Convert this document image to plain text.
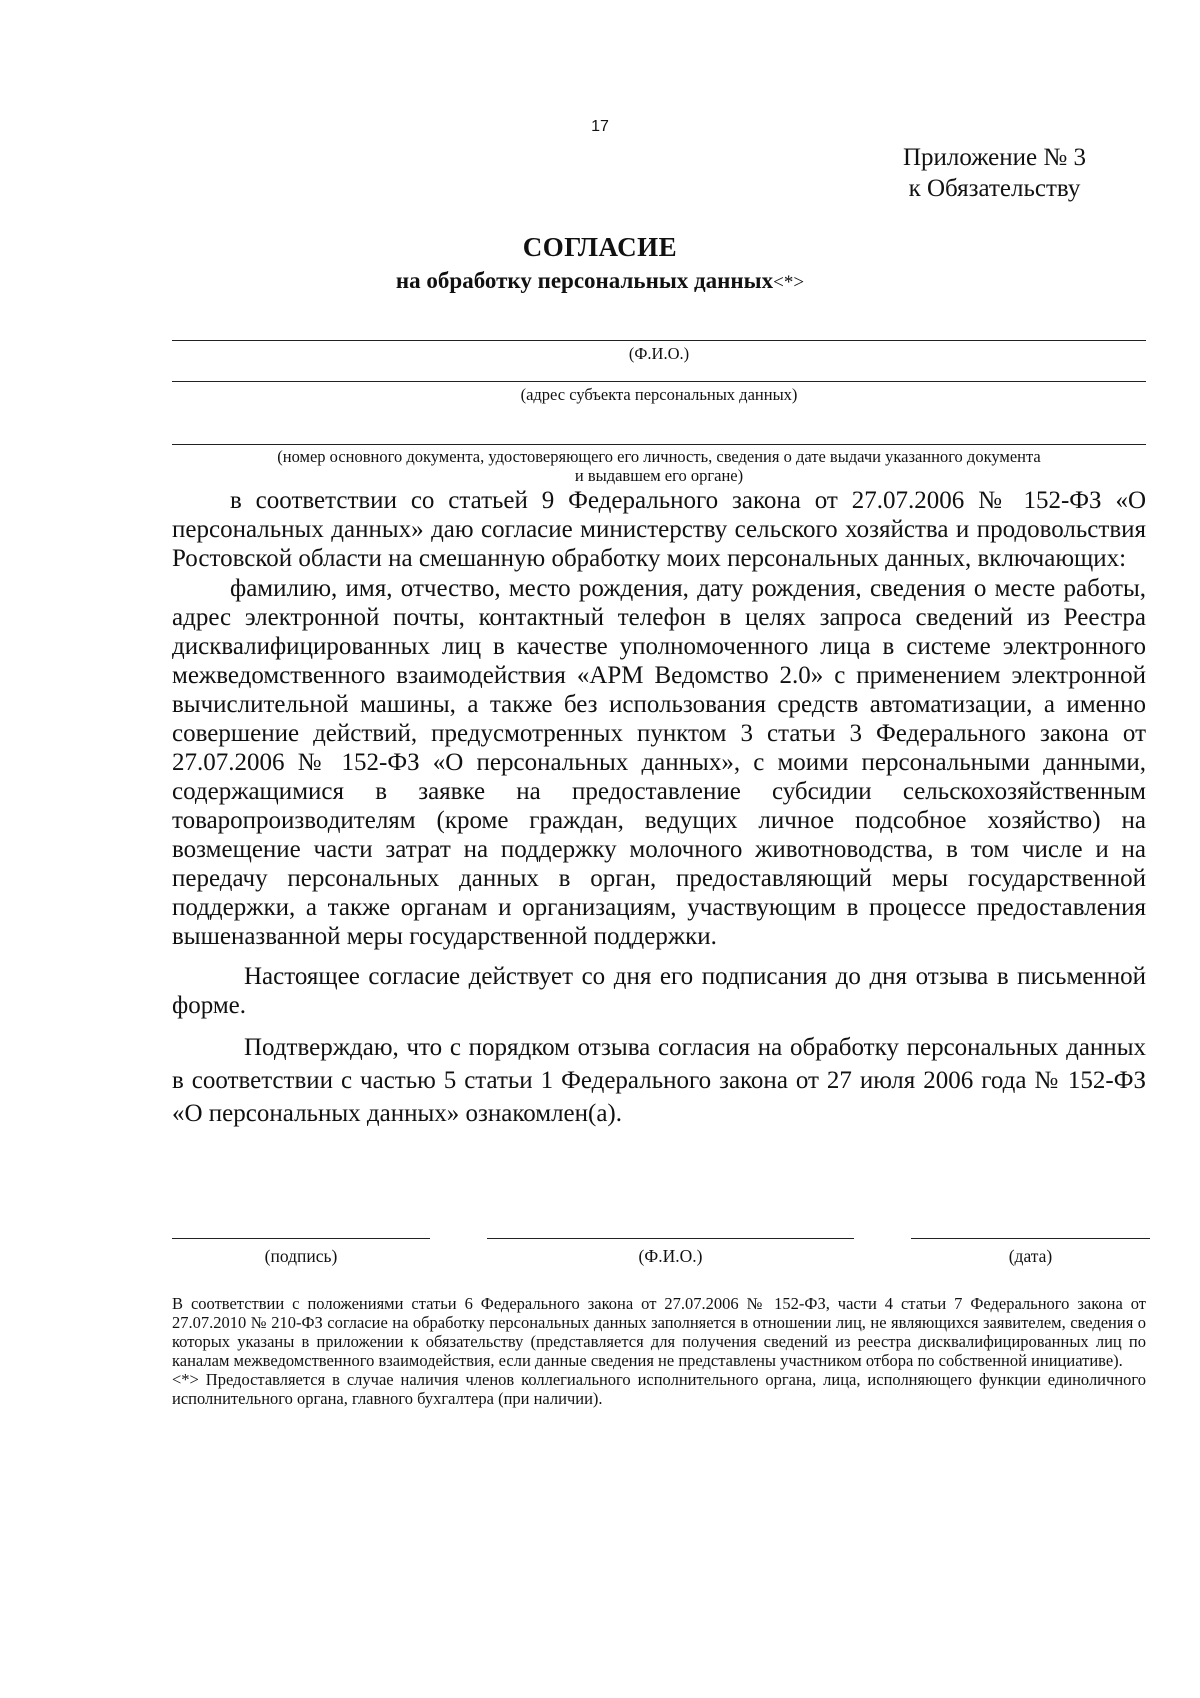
17
Приложение № 3
к Обязательству
СОГЛАСИЕ
на обработку персональных данных<*>
(Ф.И.О.)
(адрес субъекта персональных данных)
(номер основного документа, удостоверяющего его личность, сведения о дате выдачи указанного документа
и выдавшем его органе)

в соответствии со статьей 9 Федерального закона от 27.07.2006 № 152-ФЗ «О персональных данных» даю согласие министерству сельского хозяйства и продовольствия Ростовской области на смешанную обработку моих персональных данных, включающих:

фамилию, имя, отчество, место рождения, дату рождения, сведения о месте работы, адрес электронной почты, контактный телефон в целях запроса сведений из Реестра дисквалифицированных лиц в качестве уполномоченного лица в системе электронного межведомственного взаимодействия «АРМ Ведомство 2.0» с применением электронной вычислительной машины, а также без использования средств автоматизации, а именно совершение действий, предусмотренных пунктом 3 статьи 3 Федерального закона от 27.07.2006 № 152-ФЗ «О персональных данных», с моими персональными данными, содержащимися в заявке на предоставление субсидии сельскохозяйственным товаропроизводителям (кроме граждан, ведущих личное подсобное хозяйство) на возмещение части затрат на поддержку молочного животноводства, в том числе и на передачу персональных данных в орган, предоставляющий меры государственной поддержки, а также органам и организациям, участвующим в процессе предоставления вышеназванной меры государственной поддержки.

Настоящее согласие действует со дня его подписания до дня отзыва в письменной форме.

Подтверждаю, что с порядком отзыва согласия на обработку персональных данных в соответствии с частью 5 статьи 1 Федерального закона от 27 июля 2006 года № 152-ФЗ «О персональных данных» ознакомлен(а).

(подпись)	(Ф.И.О.)	(дата)

В соответствии с положениями статьи 6 Федерального закона от 27.07.2006 № 152-ФЗ, части 4 статьи 7 Федерального закона от 27.07.2010 № 210-ФЗ согласие на обработку персональных данных заполняется в отношении лиц, не являющихся заявителем, сведения о которых указаны в приложении к обязательству (представляется для получения сведений из реестра дисквалифицированных лиц по каналам межведомственного взаимодействия, если данные сведения не представлены участником отбора по собственной инициативе).

<*> Предоставляется в случае наличия членов коллегиального исполнительного органа, лица, исполняющего функции единоличного исполнительного органа, главного бухгалтера (при наличии).
